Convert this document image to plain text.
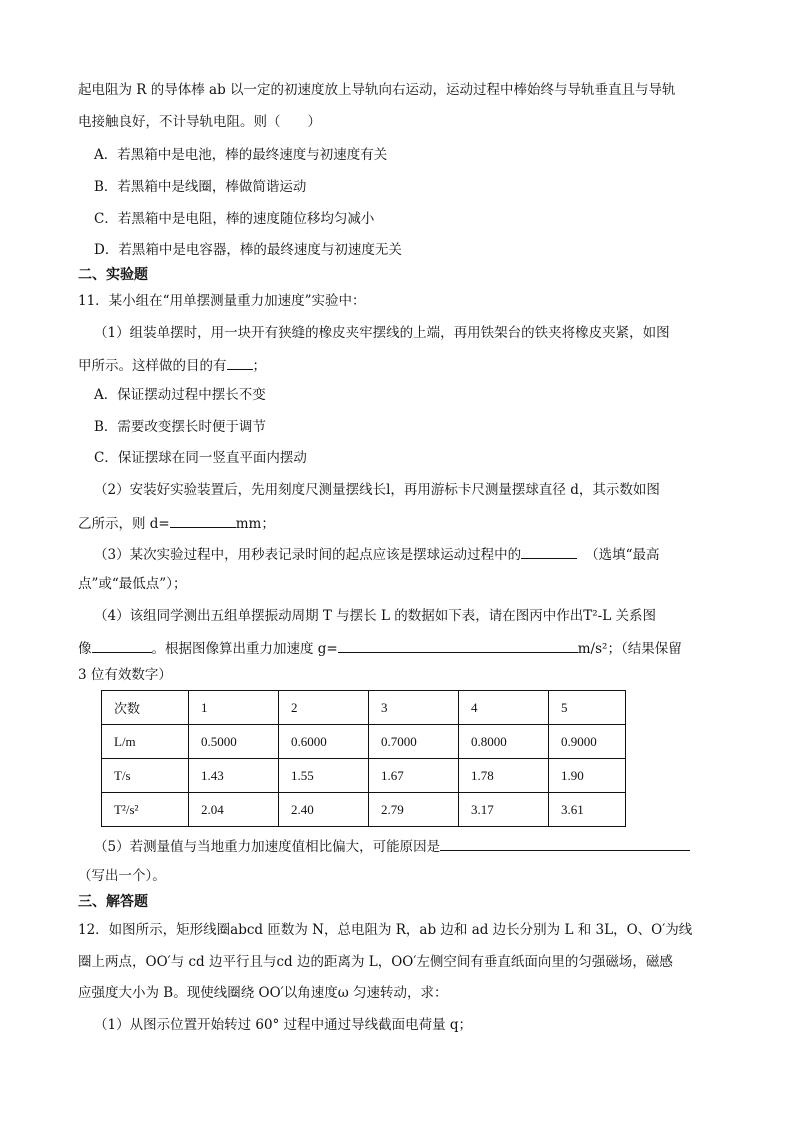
起电阻为 R 的导体棒 ab 以一定的初速度放上导轨向右运动，运动过程中棒始终与导轨垂直且与导轨
电接触良好，不计导轨电阻。则（　　）
A．若黑箱中是电池，棒的最终速度与初速度有关
B．若黑箱中是线圈，棒做简谐运动
C．若黑箱中是电阻，棒的速度随位移均匀减小
D．若黑箱中是电容器，棒的最终速度与初速度无关
二、实验题
11．某小组在“用单摆测量重力加速度”实验中：
（1）组装单摆时，用一块开有狭缝的橡皮夹牢摆线的上端，再用铁架台的铁夹将橡皮夹紧，如图
甲所示。这样做的目的有 ；
A．保证摆动过程中摆长不变
B．需要改变摆长时便于调节
C．保证摆球在同一竖直平面内摆动
（2）安装好实验装置后，先用刻度尺测量摆线长l，再用游标卡尺测量摆球直径 d，其示数如图
乙所示，则 d=	mm；
（3）某次实验过程中，用秒表记录时间的起点应该是摆球运动过程中的	（选填“最高
点”或“最低点”）；
（4）该组同学测出五组单摆振动周期 T 与摆长 L 的数据如下表，请在图丙中作出T²-L 关系图
像	。根据图像算出重力加速度 g=	m/s²；（结果保留
3 位有效数字）
次数	1	2	3	4	5
L/m	0.5000	0.6000	0.7000	0.8000	0.9000
T/s	1.43	1.55	1.67	1.78	1.90
T²/s²	2.04	2.40	2.79	3.17	3.61
（5）若测量值与当地重力加速度值相比偏大，可能原因是
（写出一个）。
三、解答题
12．如图所示，矩形线圈abcd 匝数为 N，总电阻为 R，ab 边和 ad 边长分别为 L 和 3L，O、O′为线
圈上两点，OO′与 cd 边平行且与cd 边的距离为 L，OO′左侧空间有垂直纸面向里的匀强磁场，磁感
应强度大小为 B。现使线圈绕 OO′以角速度ω 匀速转动，求：
（1）从图示位置开始转过 60° 过程中通过导线截面电荷量 q；
